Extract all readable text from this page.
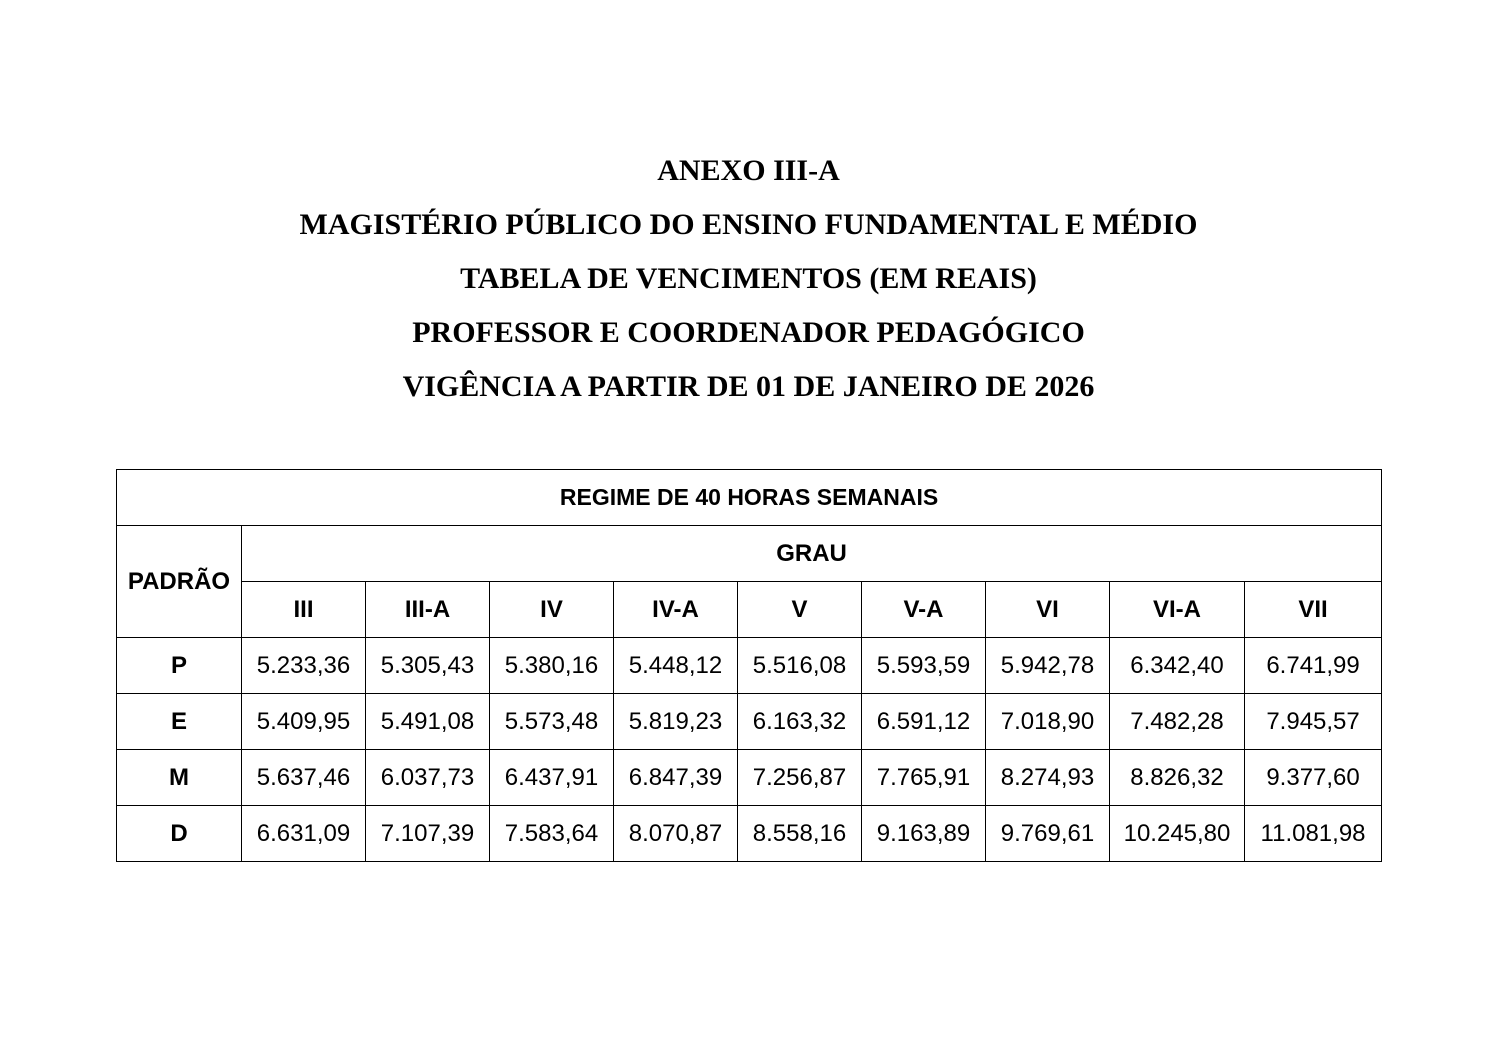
ANEXO III-A
MAGISTÉRIO PÚBLICO DO ENSINO FUNDAMENTAL E MÉDIO
TABELA DE VENCIMENTOS (EM REAIS)
PROFESSOR E COORDENADOR PEDAGÓGICO
VIGÊNCIA A PARTIR DE 01 DE JANEIRO DE 2026
REGIME DE 40 HORAS SEMANAIS									
PADRÃO	GRAU								
	III	III-A	IV	IV-A	V	V-A	VI	VI-A	VII
P	5.233,36	5.305,43	5.380,16	5.448,12	5.516,08	5.593,59	5.942,78	6.342,40	6.741,99
E	5.409,95	5.491,08	5.573,48	5.819,23	6.163,32	6.591,12	7.018,90	7.482,28	7.945,57
M	5.637,46	6.037,73	6.437,91	6.847,39	7.256,87	7.765,91	8.274,93	8.826,32	9.377,60
D	6.631,09	7.107,39	7.583,64	8.070,87	8.558,16	9.163,89	9.769,61	10.245,80	11.081,98
